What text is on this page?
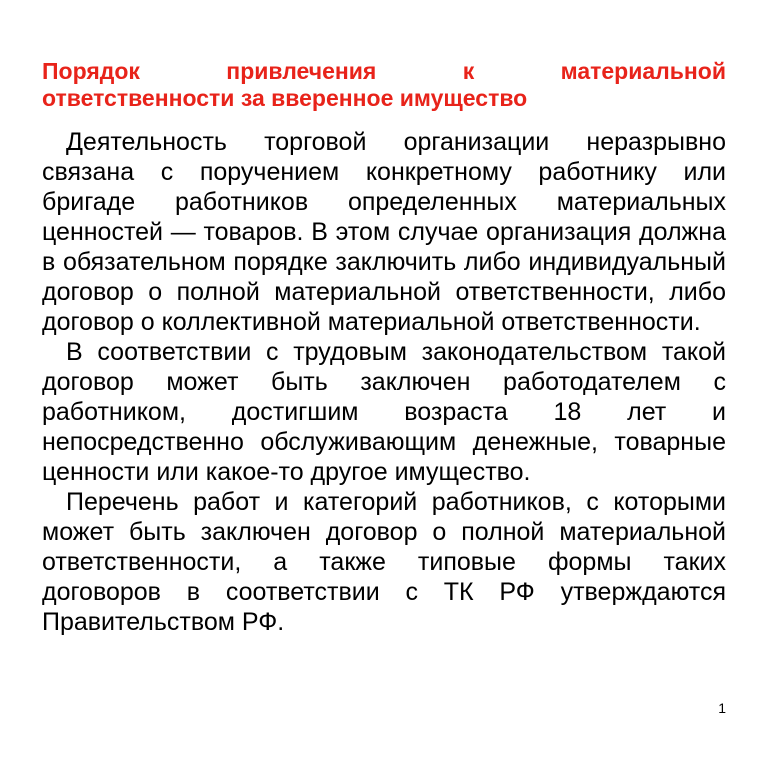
Порядок привлечения к материальной
ответственности за вверенное имущество

Деятельность торговой организации неразрывно связана с поручением конкретному работнику или бригаде работников определенных материальных ценностей — товаров. В этом случае организация должна в обязательном порядке заключить либо индивидуальный договор о полной материальной ответственности, либо договор о коллективной материальной ответственности.

В соответствии с трудовым законодательством такой договор может быть заключен работодателем с работником, достигшим возраста 18 лет и непосредственно обслуживающим денежные, товарные ценности или какое-то другое имущество.

Перечень работ и категорий работников, с которыми может быть заключен договор о полной материальной ответственности, а также типовые формы таких договоров в соответствии с ТК РФ утверждаются Правительством РФ.

1
